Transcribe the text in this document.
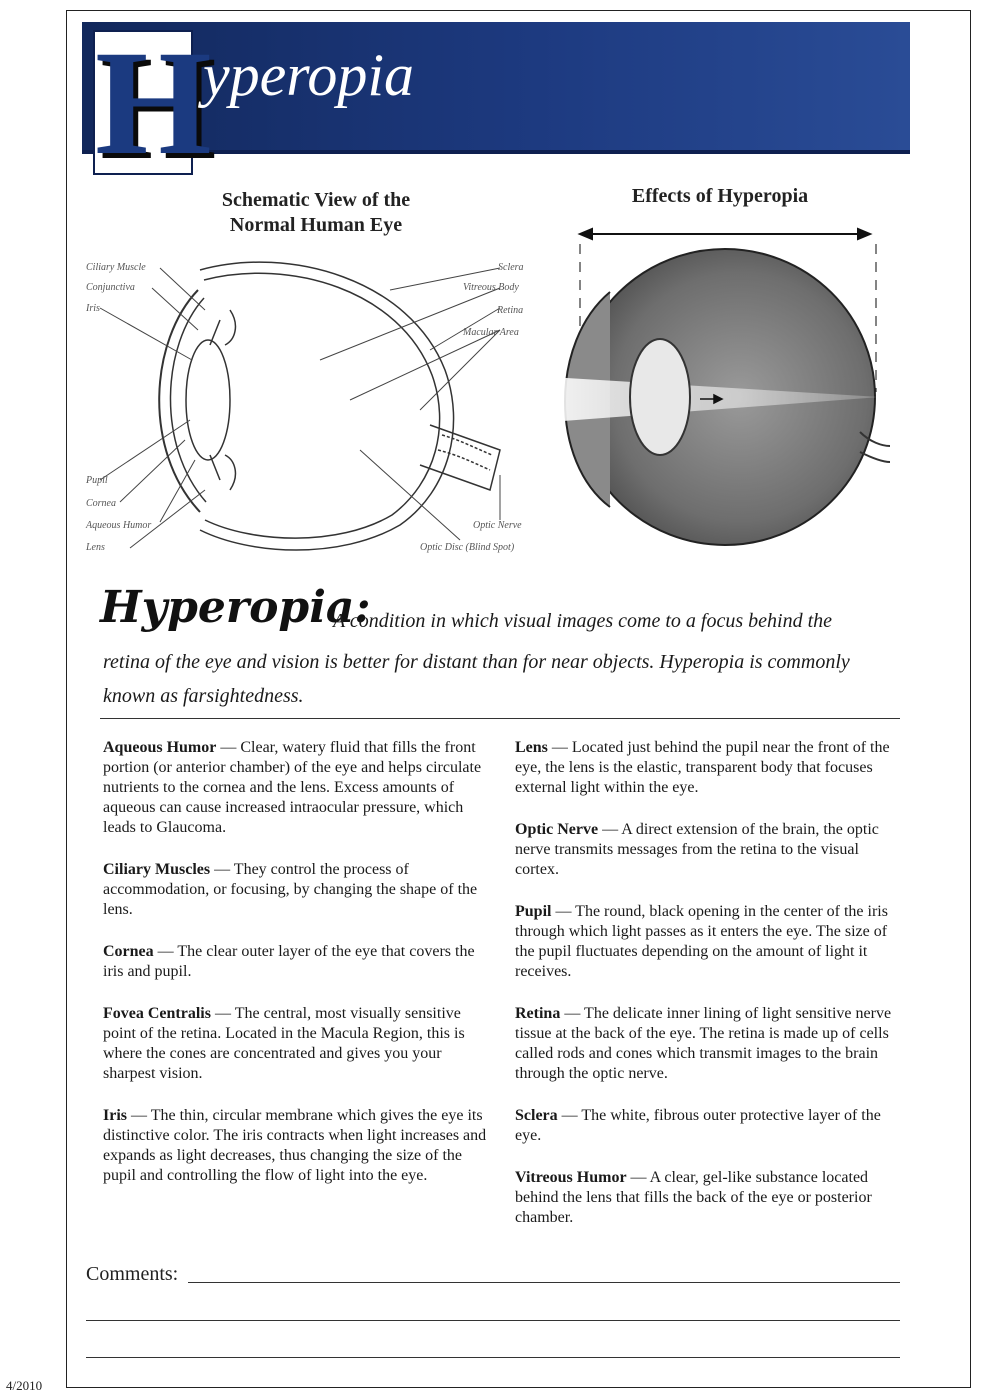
H
yperopia
Schematic View of the
Normal Human Eye
Effects of Hyperopia
Ciliary Muscle
Conjunctiva
Iris
Pupil
Cornea
Aqueous Humor
Lens
Sclera
Vitreous Body
Retina
Macular Area
Optic Nerve
Optic Disc (Blind Spot)
Hyperopia:
A condition in which visual images come to a focus behind the
retina of the eye and vision is better for distant than for near objects. Hyperopia is commonly known as farsightedness.
Aqueous Humor — Clear, watery fluid that fills the front portion (or anterior chamber) of the eye and helps circulate nutrients to the cornea and the lens. Excess amounts of aqueous can cause increased intraocular pressure, which leads to Glaucoma.
Ciliary Muscles — They control the process of accommodation, or focusing, by changing the shape of the lens.
Cornea — The clear outer layer of the eye that covers the iris and pupil.
Fovea Centralis — The central, most visually sensitive point of the retina. Located in the Macula Region, this is where the cones are concentrated and gives you your sharpest vision.
Iris — The thin, circular membrane which gives the eye its distinctive color. The iris contracts when light increases and expands as light decreases, thus changing the size of the pupil and controlling the flow of light into the eye.
Lens — Located just behind the pupil near the front of the eye, the lens is the elastic, transparent body that focuses external light within the eye.
Optic Nerve — A direct extension of the brain, the optic nerve transmits messages from the retina to the visual cortex.
Pupil — The round, black opening in the center of the iris through which light passes as it enters the eye. The size of the pupil fluctuates depending on the amount of light it receives.
Retina — The delicate inner lining of light sensitive nerve tissue at the back of the eye. The retina is made up of cells called rods and cones which transmit images to the brain through the optic nerve.
Sclera — The white, fibrous outer protective layer of the eye.
Vitreous Humor — A clear, gel-like substance located behind the lens that fills the back of the eye or posterior chamber.
Comments:
4/2010
